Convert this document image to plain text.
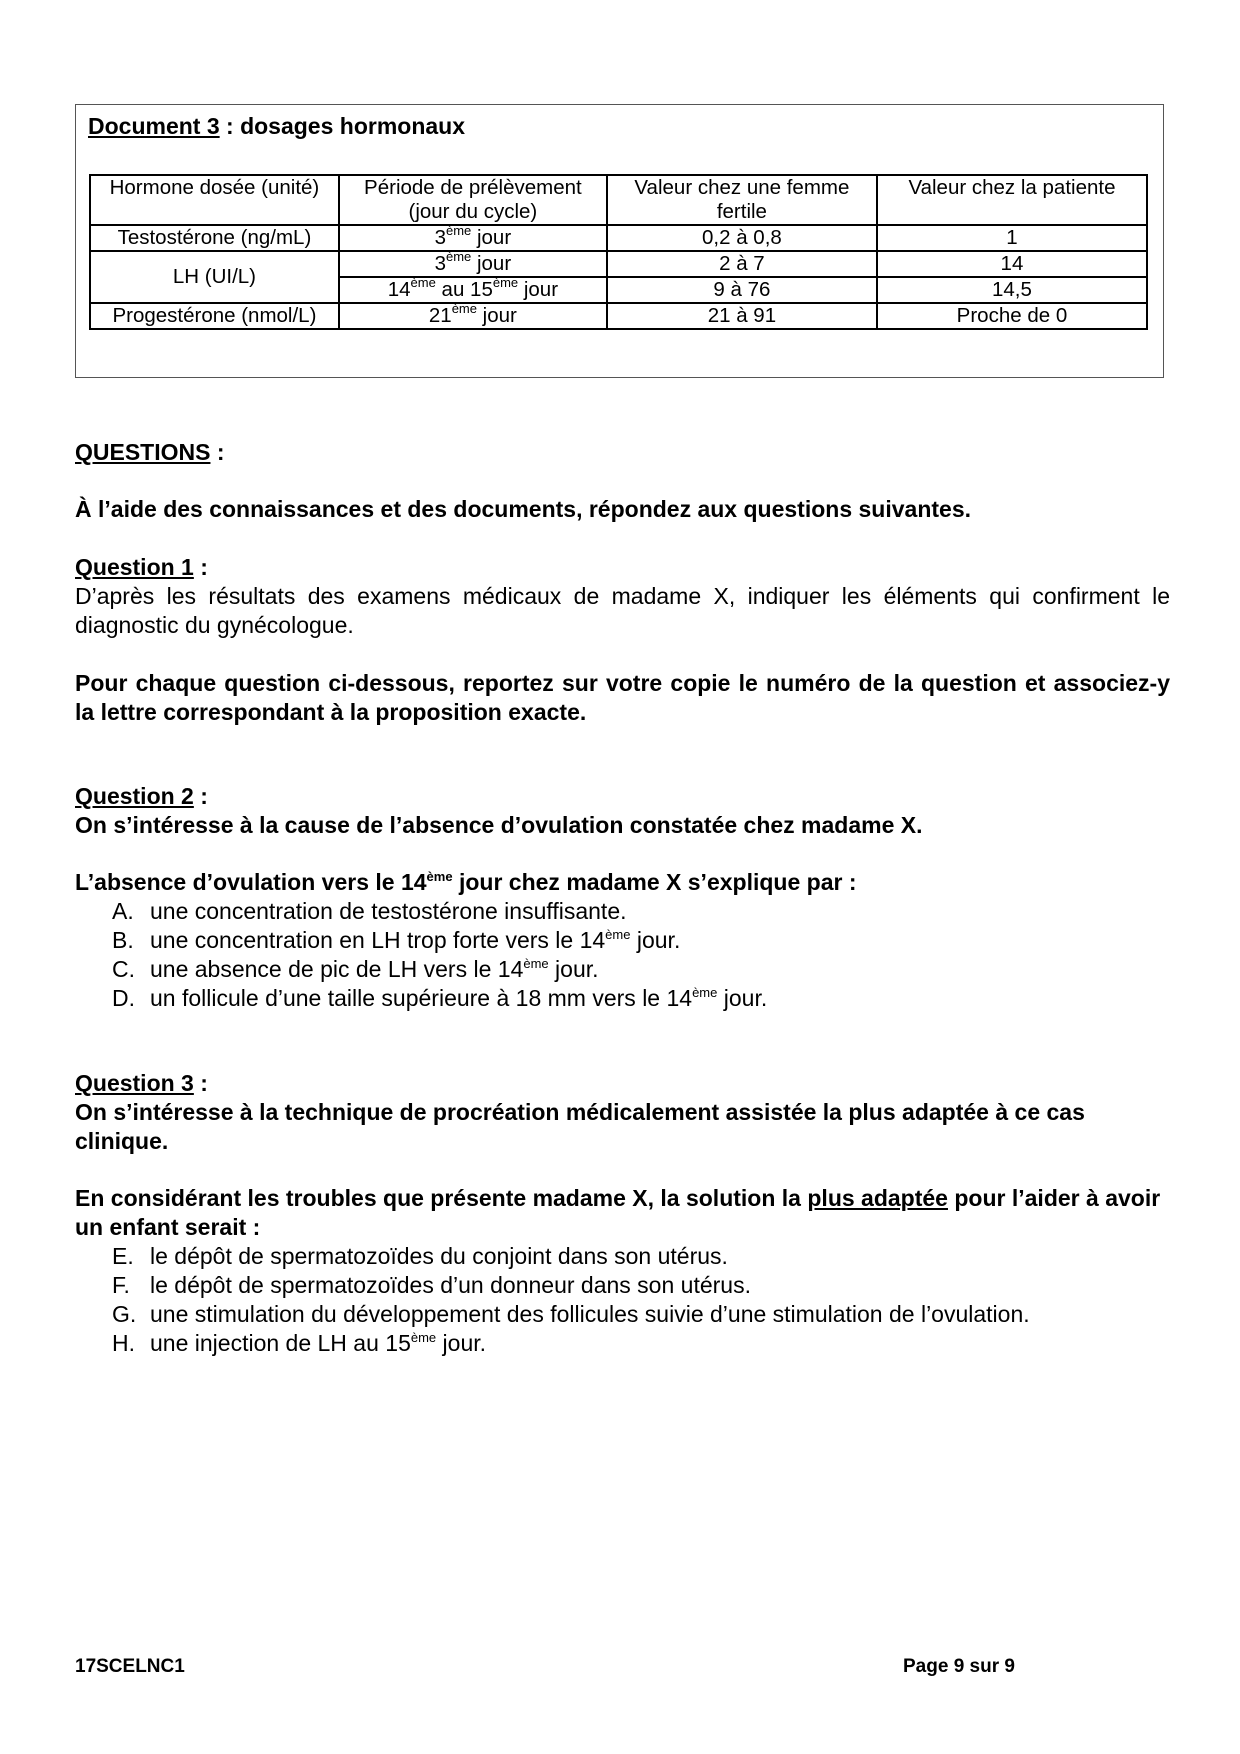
Document 3 : dosages hormonaux
Hormone dosée (unité)	Période de prélèvement (jour du cycle)	Valeur chez une femme fertile	Valeur chez la patiente
Testostérone (ng/mL)	3ème jour	0,2 à 0,8	1
LH (UI/L)	3ème jour	2 à 7	14
	14ème au 15ème jour	9 à 76	14,5
Progestérone (nmol/L)	21ème jour	21 à 91	Proche de 0
QUESTIONS :
À l’aide des connaissances et des documents, répondez aux questions suivantes.
Question 1 :
D’après les résultats des examens médicaux de madame X, indiquer les éléments qui confirment le diagnostic du gynécologue.
Pour chaque question ci-dessous, reportez sur votre copie le numéro de la question et associez-y la lettre correspondant à la proposition exacte.
Question 2 :
On s’intéresse à la cause de l’absence d’ovulation constatée chez madame X.
L’absence d’ovulation vers le 14ème jour chez madame X s’explique par :
A. une concentration de testostérone insuffisante.
B. une concentration en LH trop forte vers le 14ème jour.
C. une absence de pic de LH vers le 14ème jour.
D. un follicule d’une taille supérieure à 18 mm vers le 14ème jour.
Question 3 :
On s’intéresse à la technique de procréation médicalement assistée la plus adaptée à ce cas clinique.
En considérant les troubles que présente madame X, la solution la plus adaptée pour l’aider à avoir un enfant serait :
E. le dépôt de spermatozoïdes du conjoint dans son utérus.
F. le dépôt de spermatozoïdes d’un donneur dans son utérus.
G. une stimulation du développement des follicules suivie d’une stimulation de l’ovulation.
H. une injection de LH au 15ème jour.
17SCELNC1	Page 9 sur 9
